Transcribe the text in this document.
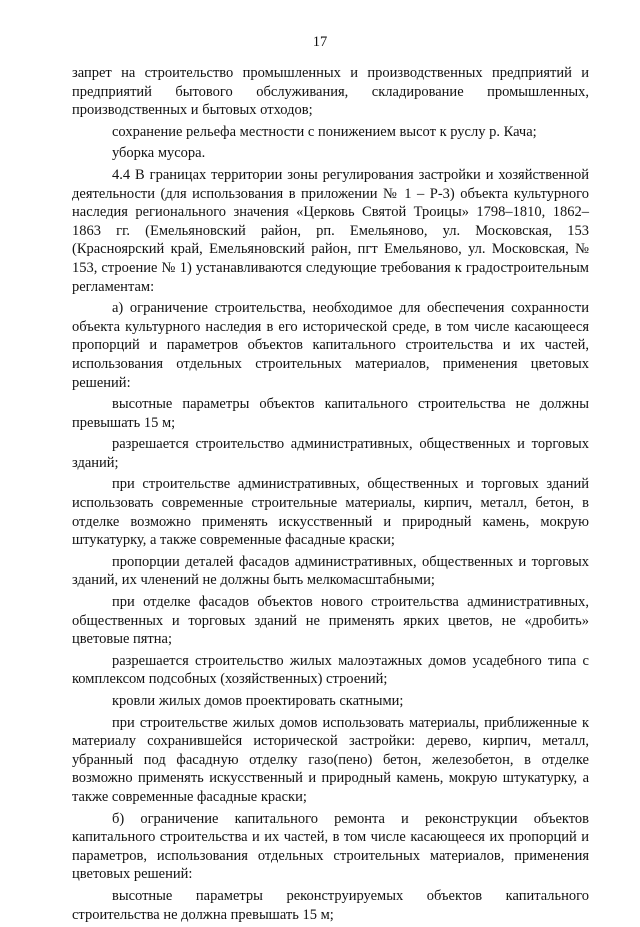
17

запрет на строительство промышленных и производственных предприятий и предприятий бытового обслуживания, складирование промышленных, производственных и бытовых отходов;

сохранение рельефа местности с понижением высот к руслу р. Кача;

уборка мусора.

4.4 В границах территории зоны регулирования застройки и хозяйственной деятельности (для использования в приложении № 1 – Р-3) объекта культурного наследия регионального значения «Церковь Святой Троицы» 1798–1810, 1862–1863 гг. (Емельяновский район, рп. Емельяново, ул. Московская, 153 (Красноярский край, Емельяновский район, пгт Емельяново, ул. Московская, № 153, строение № 1) устанавливаются следующие требования к градостроительным регламентам:

а) ограничение строительства, необходимое для обеспечения сохранности объекта культурного наследия в его исторической среде, в том числе касающееся пропорций и параметров объектов капитального строительства и их частей, использования отдельных строительных материалов, применения цветовых решений:

высотные параметры объектов капитального строительства не должны превышать 15 м;

разрешается строительство административных, общественных и торговых зданий;

при строительстве административных, общественных и торговых зданий использовать современные строительные материалы, кирпич, металл, бетон, в отделке возможно применять искусственный и природный камень, мокрую штукатурку, а также современные фасадные краски;

пропорции деталей фасадов административных, общественных и торговых зданий, их членений не должны быть мелкомасштабными;

при отделке фасадов объектов нового строительства административных, общественных и торговых зданий не применять ярких цветов, не «дробить» цветовые пятна;

разрешается строительство жилых малоэтажных домов усадебного типа с комплексом подсобных (хозяйственных) строений;

кровли жилых домов проектировать скатными;

при строительстве жилых домов использовать материалы, приближенные к материалу сохранившейся исторической застройки: дерево, кирпич, металл, убранный под фасадную отделку газо(пено) бетон, железобетон, в отделке возможно применять искусственный и природный камень, мокрую штукатурку, а также современные фасадные краски;

б) ограничение капитального ремонта и реконструкции объектов капитального строительства и их частей, в том числе касающееся их пропорций и параметров, использования отдельных строительных материалов, применения цветовых решений:

высотные параметры реконструируемых объектов капитального строительства не должна превышать 15 м;
